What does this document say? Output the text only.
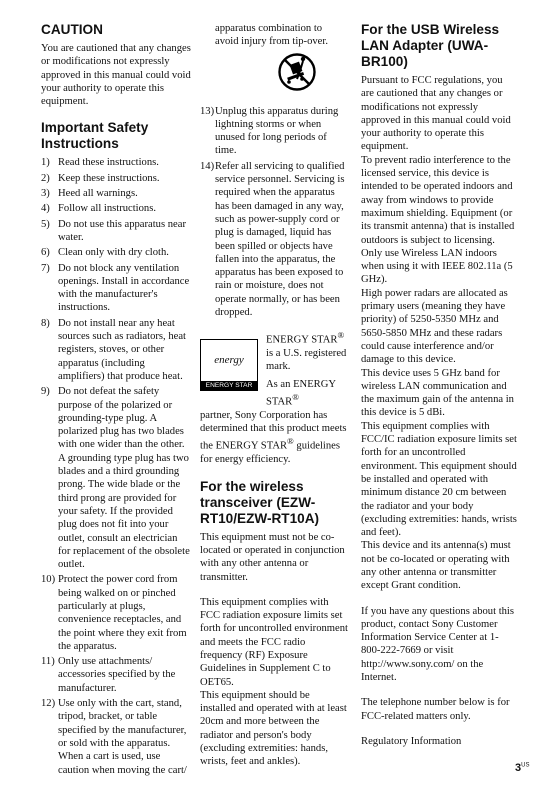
CAUTION

You are cautioned that any changes or modifications not expressly approved in this manual could void your authority to operate this equipment.

Important Safety Instructions
1) Read these instructions.
2) Keep these instructions.
3) Heed all warnings.
4) Follow all instructions.
5) Do not use this apparatus near water.
6) Clean only with dry cloth.
7) Do not block any ventilation openings. Install in accordance with the manufacturer's instructions.
8) Do not install near any heat sources such as radiators, heat registers, stoves, or other apparatus (including amplifiers) that produce heat.
9) Do not defeat the safety purpose of the polarized or grounding-type plug. A polarized plug has two blades with one wider than the other. A grounding type plug has two blades and a third grounding prong. The wide blade or the third prong are provided for your safety. If the provided plug does not fit into your outlet, consult an electrician for replacement of the obsolete outlet.
10) Protect the power cord from being walked on or pinched particularly at plugs, convenience receptacles, and the point where they exit from the apparatus.
11) Only use attachments/ accessories specified by the manufacturer.
12) Use only with the cart, stand, tripod, bracket, or table specified by the manufacturer, or sold with the apparatus. When a cart is used, use caution when moving the cart/

apparatus combination to avoid injury from tip-over.

13) Unplug this apparatus during lightning storms or when unused for long periods of time.
14) Refer all servicing to qualified service personnel. Servicing is required when the apparatus has been damaged in any way, such as power-supply cord or plug is damaged, liquid has been spilled or objects have fallen into the apparatus, the apparatus has been exposed to rain or moisture, does not operate normally, or has been dropped.
energy
ENERGY STAR

ENERGY STAR® is a U.S. registered mark.

As an ENERGY STAR®

partner, Sony Corporation has determined that this product meets the ENERGY STAR® guidelines for energy efficiency.

For the wireless transceiver (EZW-RT10/EZW-RT10A)

This equipment must not be co-located or operated in conjunction with any other antenna or transmitter.

This equipment complies with FCC radiation exposure limits set forth for uncontrolled environment and meets the FCC radio frequency (RF) Exposure Guidelines in Supplement C to OET65.

This equipment should be installed and operated with at least 20cm and more between the radiator and person's body (excluding extremities: hands, wrists, feet and ankles).

For the USB Wireless LAN Adapter (UWA-BR100)

Pursuant to FCC regulations, you are cautioned that any changes or modifications not expressly approved in this manual could void your authority to operate this equipment.

To prevent radio interference to the licensed service, this device is intended to be operated indoors and away from windows to provide maximum shielding. Equipment (or its transmit antenna) that is installed outdoors is subject to licensing.

Only use Wireless LAN indoors when using it with IEEE 802.11a (5 GHz).

High power radars are allocated as primary users (meaning they have priority) of 5250-5350 MHz and 5650-5850 MHz and these radars could cause interference and/or damage to this device.

This device uses 5 GHz band for wireless LAN communication and the maximum gain of the antenna in this device is 5 dBi.

This equipment complies with FCC/IC radiation exposure limits set forth for an uncontrolled environment. This equipment should be installed and operated with minimum distance 20 cm between the radiator and your body (excluding extremities: hands, wrists and feet).

This device and its antenna(s) must not be co-located or operating with any other antenna or transmitter except Grant condition.

If you have any questions about this product, contact Sony Customer Information Service Center at 1-800-222-7669 or visit http://www.sony.com/ on the Internet.

The telephone number below is for FCC-related matters only.

Regulatory Information

$3^{US}$
